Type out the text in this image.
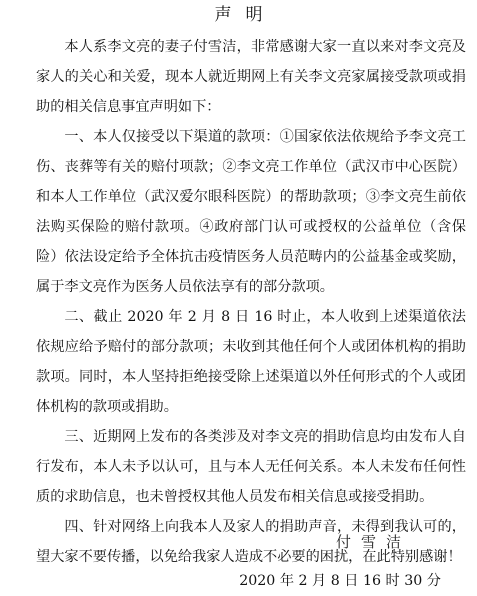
声明

本人系李文亮的妻子付雪洁，非常感谢大家一直以来对李文亮及家人的关心和关爱，现本人就近期网上有关李文亮家属接受款项或捐助的相关信息事宜声明如下：

一、本人仅接受以下渠道的款项：①国家依法依规给予李文亮工伤、丧葬等有关的赔付项款；②李文亮工作单位（武汉市中心医院）和本人工作单位（武汉爱尔眼科医院）的帮助款项；③李文亮生前依法购买保险的赔付款项。④政府部门认可或授权的公益单位（含保险）依法设定给予全体抗击疫情医务人员范畴内的公益基金或奖励，属于李文亮作为医务人员依法享有的部分款项。

二、截止 2020 年 2 月 8 日 16 时止，本人收到上述渠道依法依规应给予赔付的部分款项；未收到其他任何个人或团体机构的捐助款项。同时，本人坚持拒绝接受除上述渠道以外任何形式的个人或团体机构的款项或捐助。

三、近期网上发布的各类涉及对李文亮的捐助信息均由发布人自行发布，本人未予以认可，且与本人无任何关系。本人未发布任何性质的求助信息，也未曾授权其他人员发布相关信息或接受捐助。

四、针对网络上向我本人及家人的捐助声音，未得到我认可的，望大家不要传播，以免给我家人造成不必要的困扰，在此特别感谢！

付雪洁
2020 年 2 月 8 日 16 时 30 分
